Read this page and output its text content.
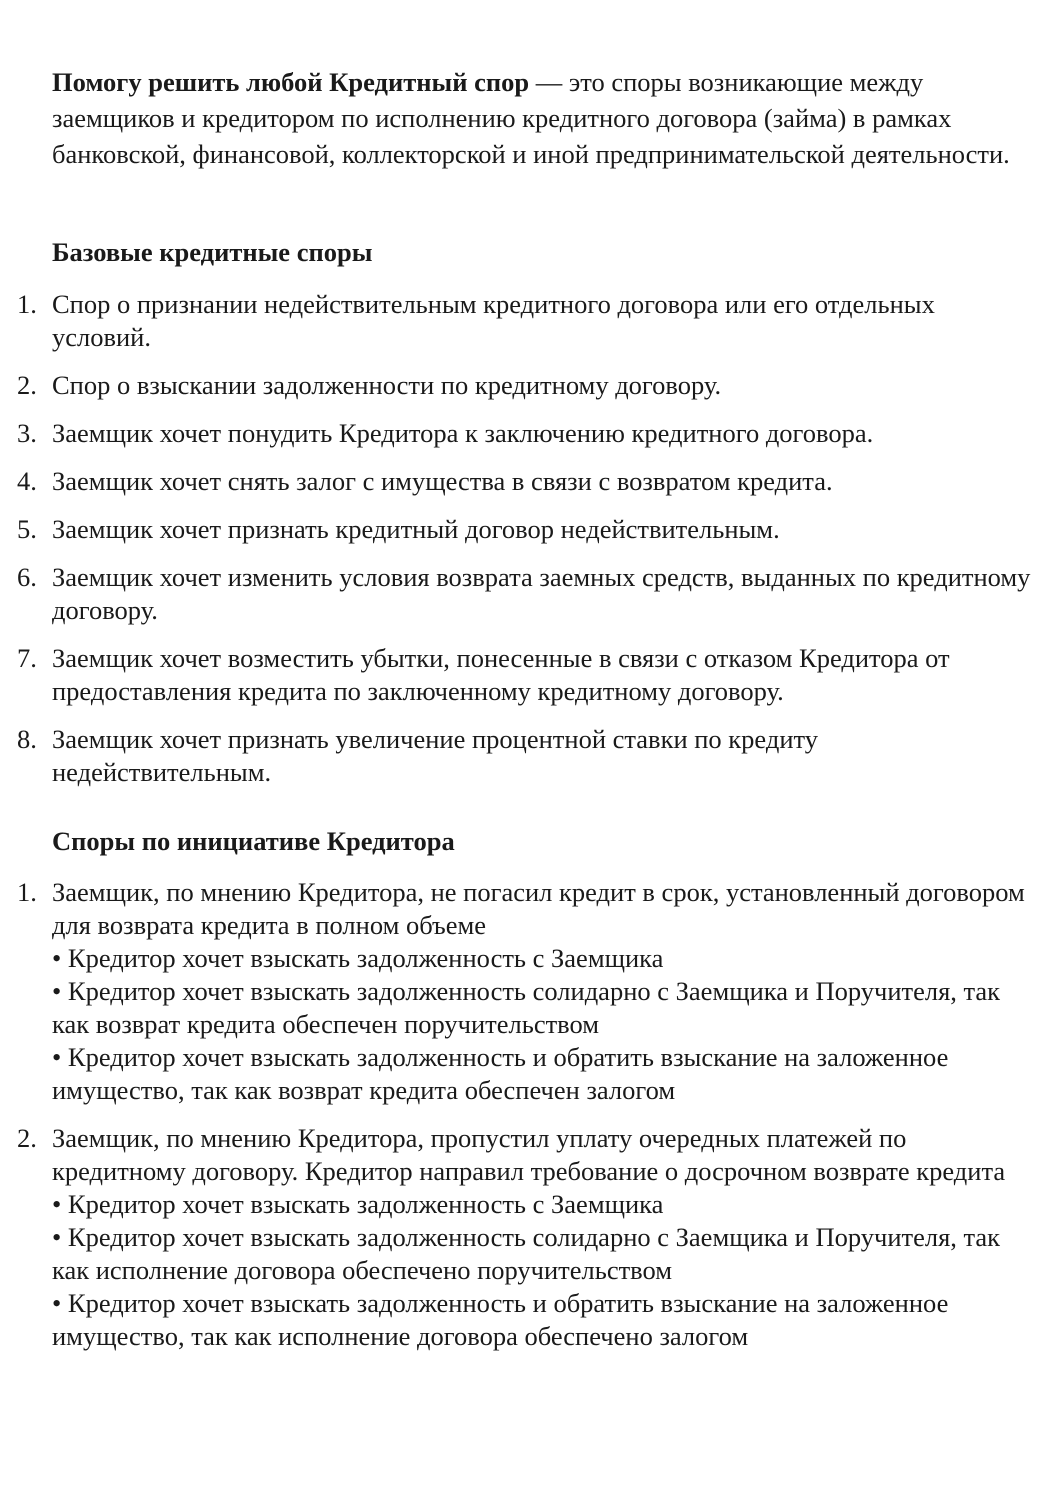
Помогу решить любой Кредитный спор — это споры возникающие между заемщиков и кредитором по исполнению кредитного договора (займа) в рамках банковской, финансовой, коллекторской и иной предпринимательской деятельности.

Базовые кредитные споры
1. Спор о признании недействительным кредитного договора или его отдельных условий.
2. Спор о взыскании задолженности по кредитному договору.
3. Заемщик хочет понудить Кредитора к заключению кредитного договора.
4. Заемщик хочет снять залог с имущества в связи с возвратом кредита.
5. Заемщик хочет признать кредитный договор недействительным.
6. Заемщик хочет изменить условия возврата заемных средств, выданных по кредитному договору.
7. Заемщик хочет возместить убытки, понесенные в связи с отказом Кредитора от предоставления кредита по заключенному кредитному договору.
8. Заемщик хочет признать увеличение процентной ставки по кредиту недействительным.
Споры по инициативе Кредитора
1. Заемщик, по мнению Кредитора, не погасил кредит в срок, установленный договором для возврата кредита в полном объеме
• Кредитор хочет взыскать задолженность с Заемщика
• Кредитор хочет взыскать задолженность солидарно с Заемщика и Поручителя, так как возврат кредита обеспечен поручительством
• Кредитор хочет взыскать задолженность и обратить взыскание на заложенное имущество, так как возврат кредита обеспечен залогом
2. Заемщик, по мнению Кредитора, пропустил уплату очередных платежей по кредитному договору. Кредитор направил требование о досрочном возврате кредита
• Кредитор хочет взыскать задолженность с Заемщика
• Кредитор хочет взыскать задолженность солидарно с Заемщика и Поручителя, так как исполнение договора обеспечено поручительством
• Кредитор хочет взыскать задолженность и обратить взыскание на заложенное имущество, так как исполнение договора обеспечено залогом
